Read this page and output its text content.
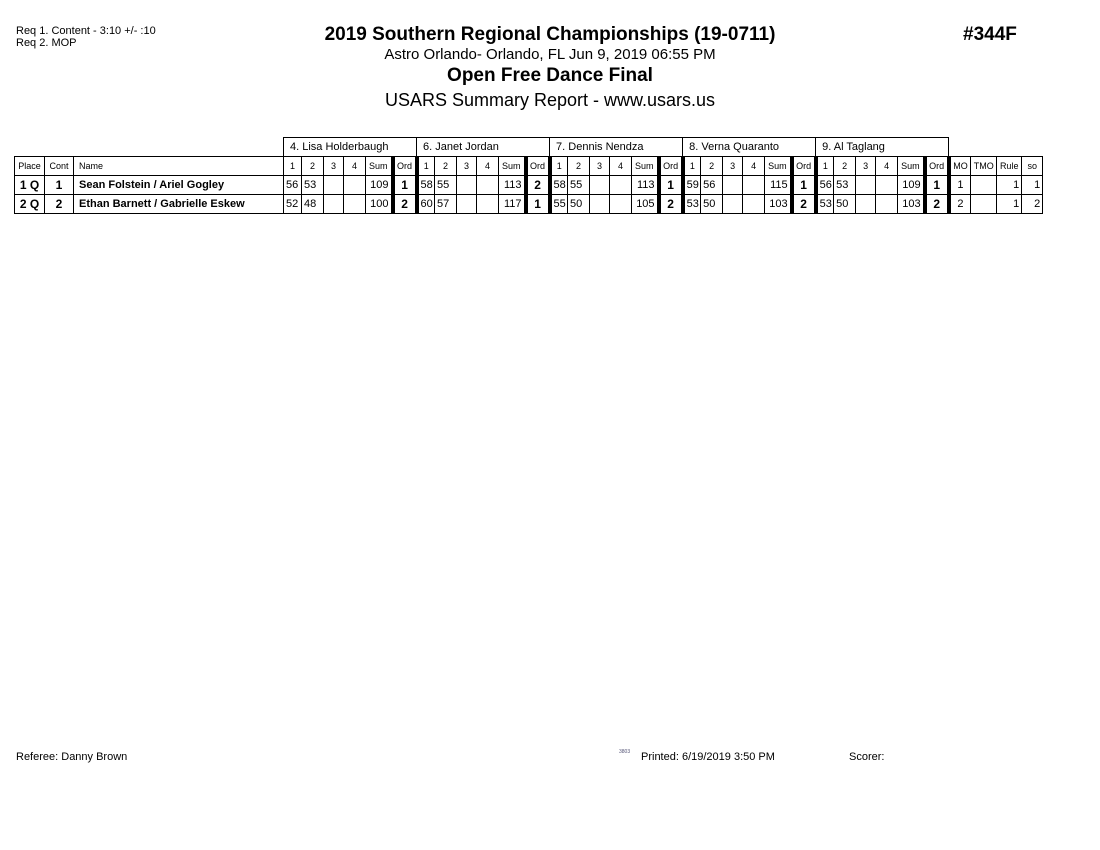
Req 1. Content - 3:10 +/- :10
Req 2. MOP	2019 Southern Regional Championships (19-0711)
Astro Orlando- Orlando, FL Jun 9, 2019 06:55 PM
Open Free Dance Final
USARS Summary Report - www.usars.us
#344F
			4. Lisa Holderbaugh						6. Janet Jordan						7. Dennis Nendza						8. Verna Quaranto						9. Al Taglang									
Place	Cont	Name	1	2	3	4	Sum	Ord	1	2	3	4	Sum	Ord	1	2	3	4	Sum	Ord	1	2	3	4	Sum	Ord	1	2	3	4	Sum	Ord	MO	TMO	Rule	so
1 Q	1	Sean Folstein / Ariel Gogley	56	53			109	1	58	55			113	2	58	55			113	1	59	56			115	1	56	53			109	1	1		1	1
2 Q	2	Ethan Barnett / Gabrielle Eskew	52	48			100	2	60	57			117	1	55	50			105	2	53	50			103	2	53	50			103	2	2		1	2
Referee: Danny Brown	3803 Printed: 6/19/2019 3:50 PM	Scorer:
